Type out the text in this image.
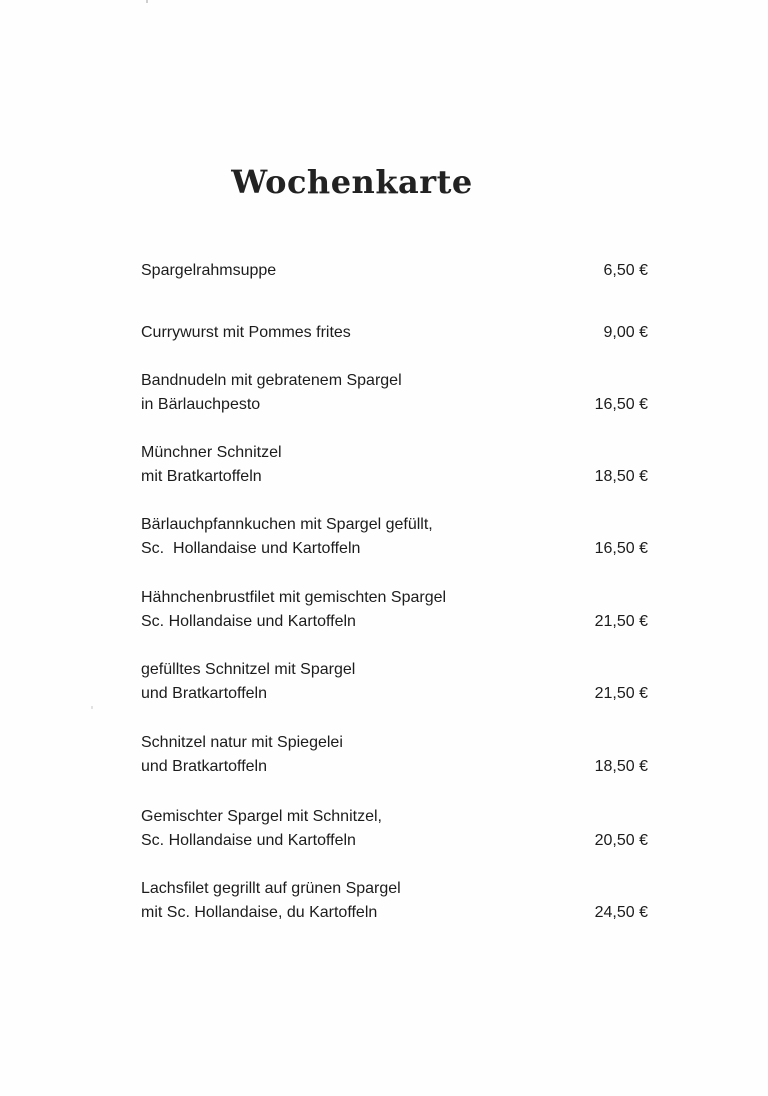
Wochenkarte
Spargelrahmsuppe	6,50 €
Currywurst mit Pommes frites	9,00 €
Bandnudeln mit gebratenem Spargel
in Bärlauchpesto	16,50 €
Münchner Schnitzel
mit Bratkartoffeln	18,50 €
Bärlauchpfannkuchen mit Spargel gefüllt,
Sc.  Hollandaise und Kartoffeln	16,50 €
Hähnchenbrustfilet mit gemischten Spargel
Sc. Hollandaise und Kartoffeln	21,50 €
gefülltes Schnitzel mit Spargel
und Bratkartoffeln	21,50 €
Schnitzel natur mit Spiegelei
und Bratkartoffeln	18,50 €
Gemischter Spargel mit Schnitzel,
Sc. Hollandaise und Kartoffeln	20,50 €
Lachsfilet gegrillt auf grünen Spargel
mit Sc. Hollandaise, du Kartoffeln	24,50 €
